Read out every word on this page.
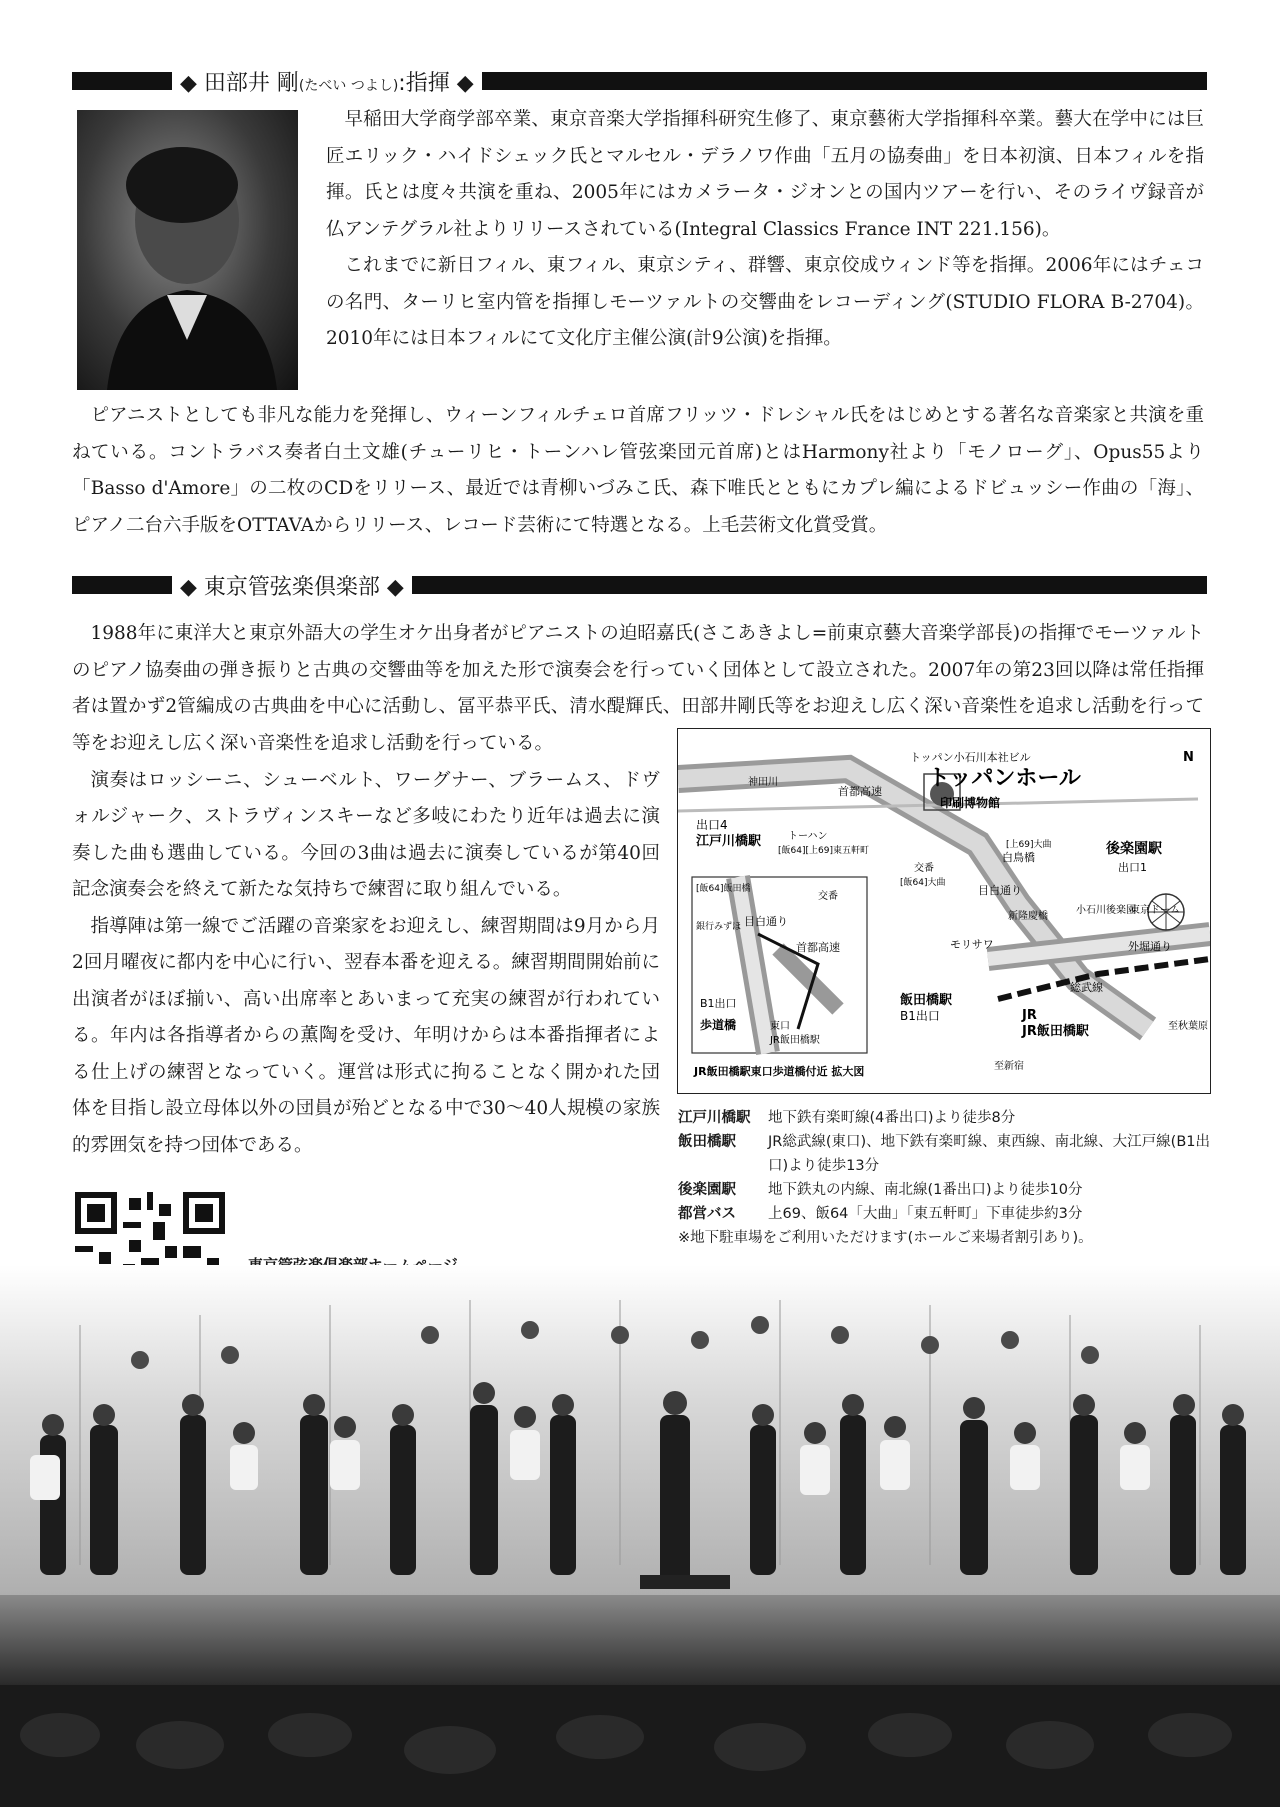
◆ 田部井 剛(たべい つよし):指揮 ◆

早稲田大学商学部卒業、東京音楽大学指揮科研究生修了、東京藝術大学指揮科卒業。藝大在学中には巨匠エリック・ハイドシェック氏とマルセル・デラノワ作曲「五月の協奏曲」を日本初演、日本フィルを指揮。氏とは度々共演を重ね、2005年にはカメラータ・ジオンとの国内ツアーを行い、そのライヴ録音が仏アンテグラル社よりリリースされている(Integral Classics France INT 221.156)。

これまでに新日フィル、東フィル、東京シティ、群響、東京佼成ウィンド等を指揮。2006年にはチェコの名門、ターリヒ室内管を指揮しモーツァルトの交響曲をレコーディング(STUDIO FLORA B-2704)。2010年には日本フィルにて文化庁主催公演(計9公演)を指揮。

ピアニストとしても非凡な能力を発揮し、ウィーンフィルチェロ首席フリッツ・ドレシャル氏をはじめとする著名な音楽家と共演を重ねている。コントラバス奏者白土文雄(チューリヒ・トーンハレ管弦楽団元首席)とはHarmony社より「モノローグ」、Opus55より「Basso d'Amore」の二枚のCDをリリース、最近では青柳いづみこ氏、森下唯氏とともにカプレ編によるドビュッシー作曲の「海」、ピアノ二台六手版をOTTAVAからリリース、レコード芸術にて特選となる。上毛芸術文化賞受賞。

◆ 東京管弦楽倶楽部 ◆

1988年に東洋大と東京外語大の学生オケ出身者がピアニストの迫昭嘉氏(さこあきよし=前東京藝大音楽学部長)の指揮でモーツァルトのピアノ協奏曲の弾き振りと古典の交響曲等を加えた形で演奏会を行っていく団体として設立された。2007年の第23回以降は常任指揮者は置かず2管編成の古典曲を中心に活動し、冨平恭平氏、清水醍輝氏、田部井剛氏等をお迎えし広く深い音楽性を追求し活動を行って

等をお迎えし広く深い音楽性を追求し活動を行っている。

演奏はロッシーニ、シューベルト、ワーグナー、ブラームス、ドヴォルジャーク、ストラヴィンスキーなど多岐にわたり近年は過去に演奏した曲も選曲している。今回の3曲は過去に演奏しているが第40回記念演奏会を終えて新たな気持ちで練習に取り組んでいる。

指導陣は第一線でご活躍の音楽家をお迎えし、練習期間は9月から月2回月曜夜に都内を中心に行い、翌春本番を迎える。練習期間開始前に出演者がほぼ揃い、高い出席率とあいまって充実の練習が行われている。年内は各指導者からの薫陶を受け、年明けからは本番指揮者による仕上げの練習となっていく。運営は形式に拘ることなく開かれた団体を目指し設立母体以外の団員が殆どとなる中で30〜40人規模の家族的雰囲気を持つ団体である。

トッパン小石川本社ビル
トッパンホール
印刷博物館
N
神田川
首都高速
出口4
江戸川橋駅	トーハン
[飯64][上69]東五軒町
交番
[飯64]大曲
[上69]大曲
白鳥橋
後楽園駅
出口1
小石川後楽園
東京ドーム
新隆慶橋
モリサワ
目白通り
外堀通り
飯田橋駅
B1出口
総武線
JR
JR飯田橋駅
至新宿
至秋葉原
[飯64]飯田橋
交番
銀行みずほ 目白通り
首都高速
B1出口
歩道橋	東口
JR飯田橋駅
JR飯田橋駅東口歩道橋付近 拡大図
江戸川橋駅	地下鉄有楽町線(4番出口)より徒歩8分
飯田橋駅	JR総武線(東口)、地下鉄有楽町線、東西線、南北線、大江戸線(B1出口)より徒歩13分
後楽園駅	地下鉄丸の内線、南北線(1番出口)より徒歩10分
都営バス	上69、飯64「大曲」「東五軒町」下車徒歩約3分
※地下駐車場をご利用いただけます(ホールご来場者割引あり)。
